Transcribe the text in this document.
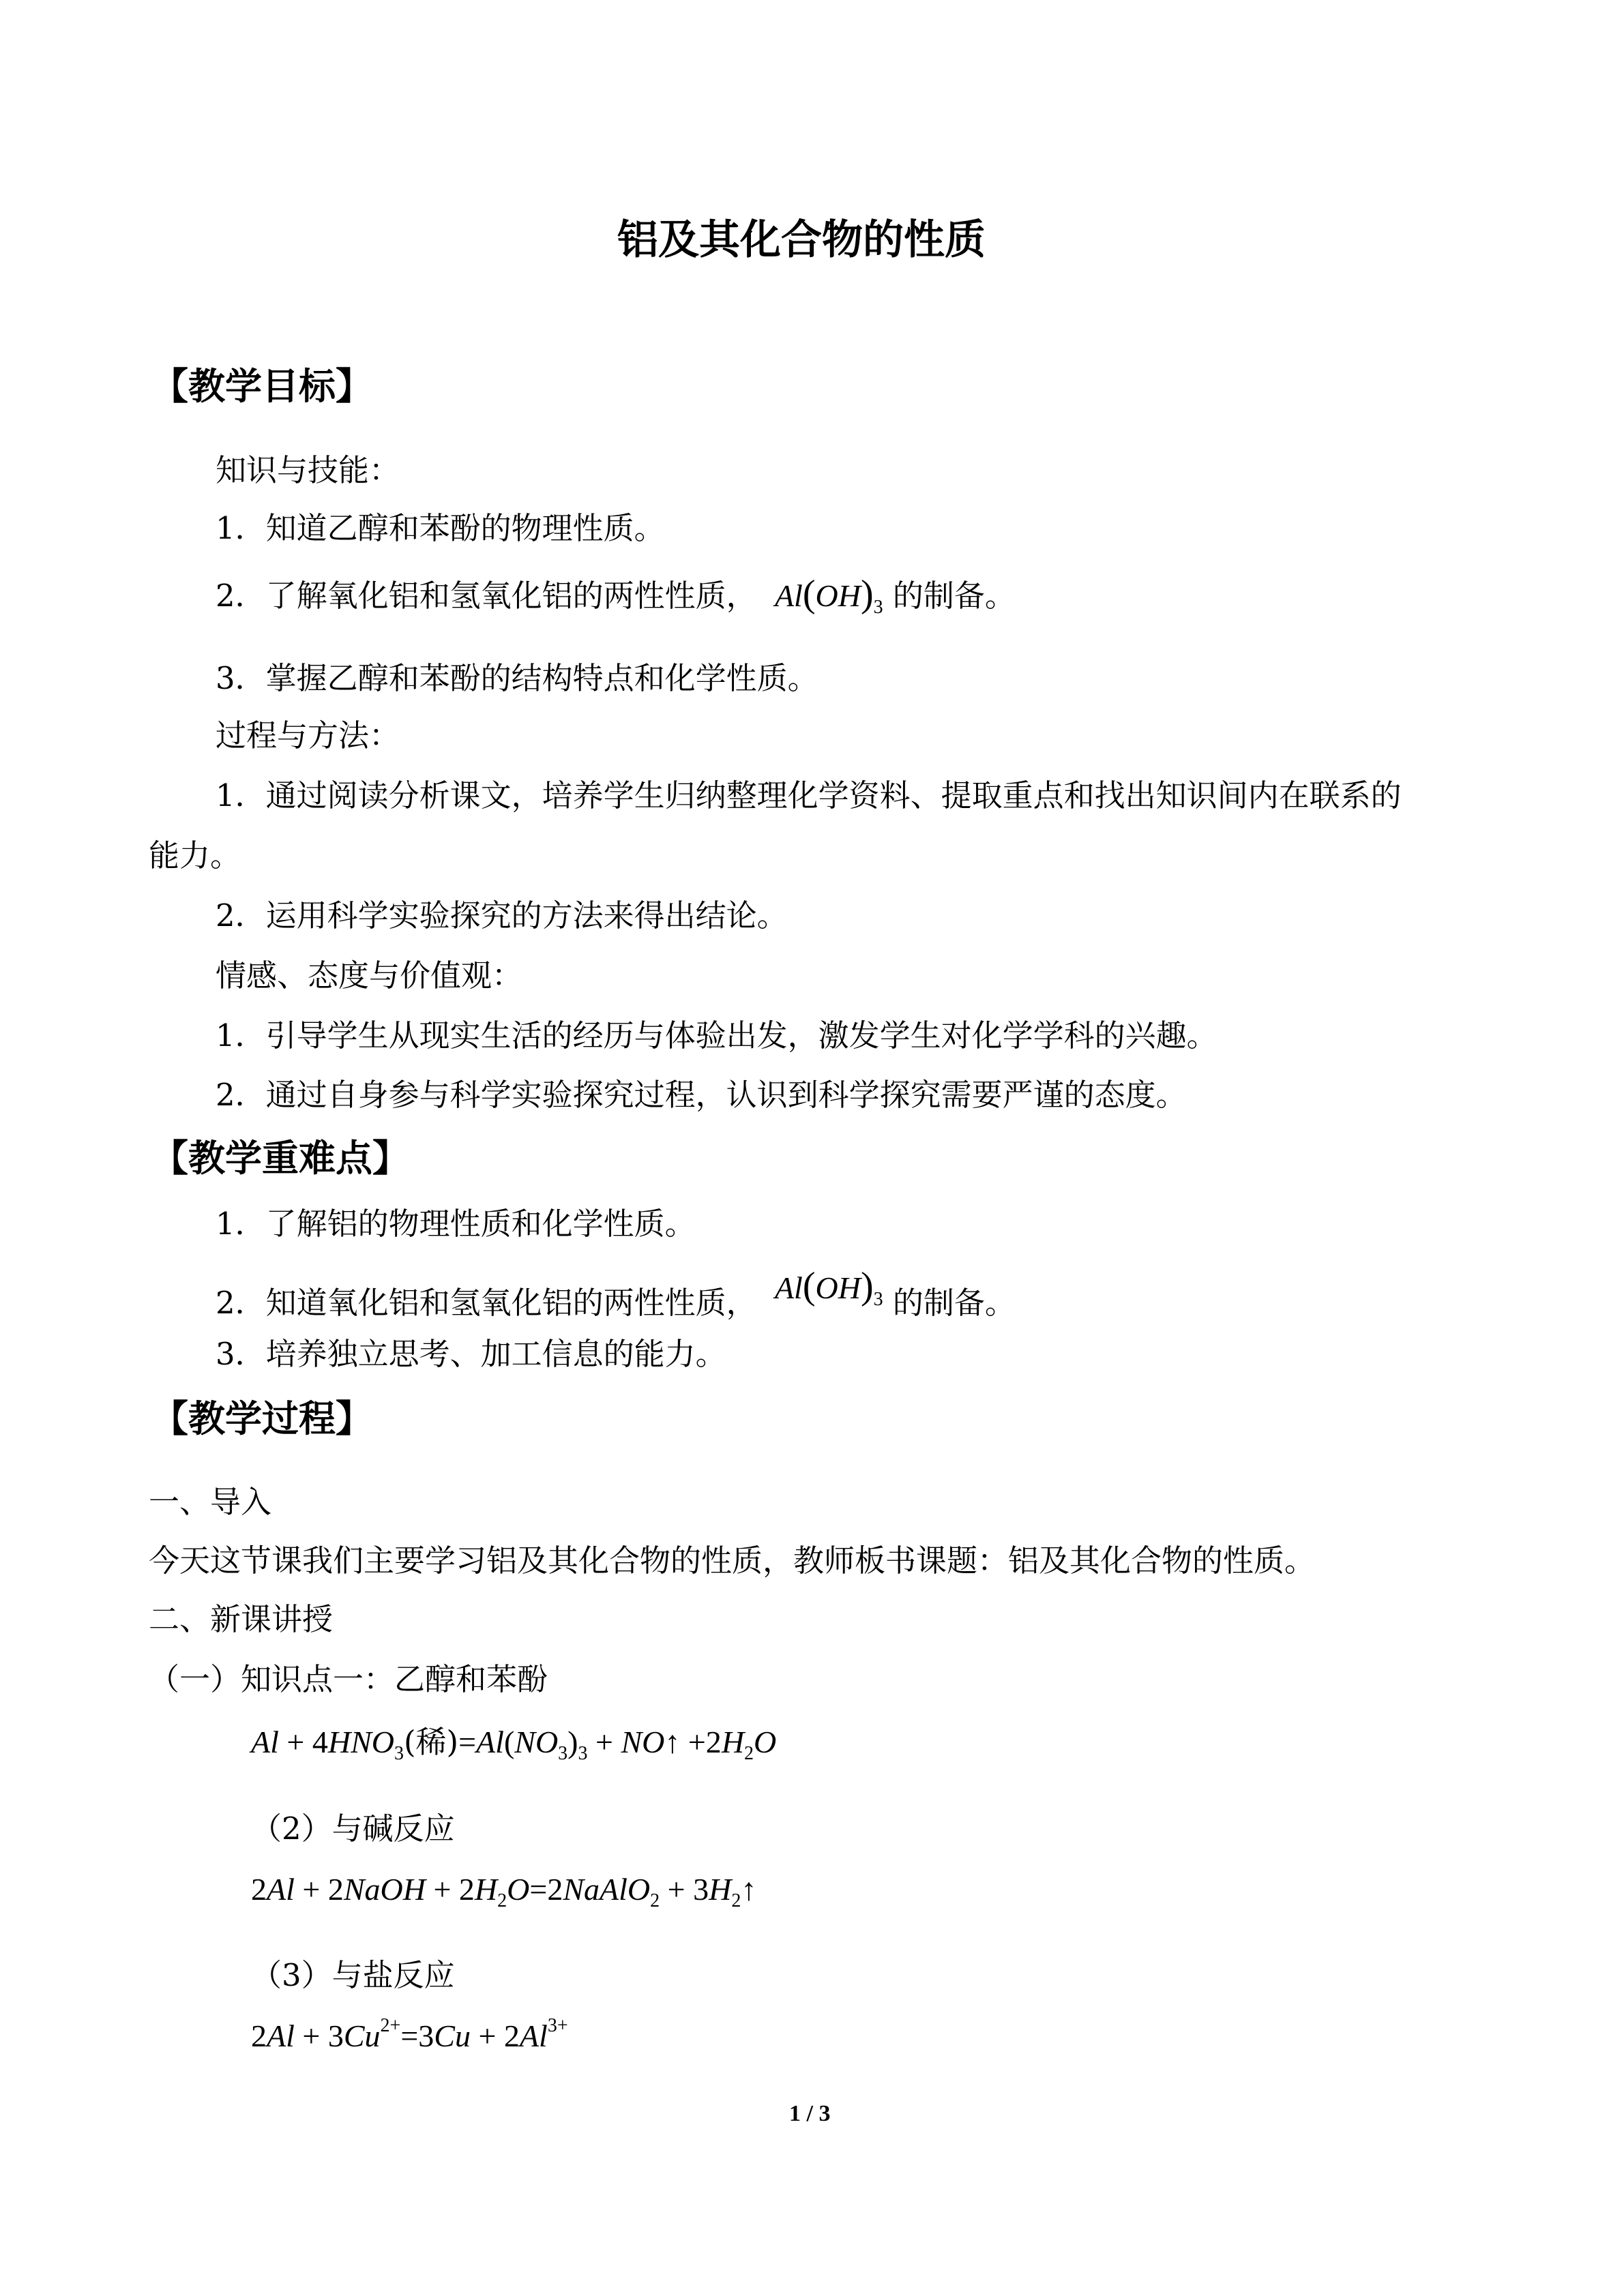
铝及其化合物的性质
【教学目标】
知识与技能：
1．知道乙醇和苯酚的物理性质。
2．了解氧化铝和氢氧化铝的两性性质， $Al(OH)_3$ 的制备。
3．掌握乙醇和苯酚的结构特点和化学性质。
过程与方法：
1．通过阅读分析课文，培养学生归纳整理化学资料、提取重点和找出知识间内在联系的
能力。
2．运用科学实验探究的方法来得出结论。
情感、态度与价值观：
1．引导学生从现实生活的经历与体验出发，激发学生对化学学科的兴趣。
2．通过自身参与科学实验探究过程，认识到科学探究需要严谨的态度。
【教学重难点】
1．了解铝的物理性质和化学性质。
2．知道氧化铝和氢氧化铝的两性性质， $Al(OH)_3$ 的制备。
3．培养独立思考、加工信息的能力。
【教学过程】
一、导入
今天这节课我们主要学习铝及其化合物的性质，教师板书课题：铝及其化合物的性质。
二、新课讲授
（一）知识点一：乙醇和苯酚
$Al + 4HNO_3$(稀)$=Al(NO_3)_3$ + NO↑ $+2H_2O$
（2）与碱反应
2Al + 2NaOH + $2H_2O=2NaAlO_2$ + $3H_2↑$
（3）与盐反应
$2Al + 3Cu^{2+}=3Cu + 2Al^{3+}$
1 / 3
